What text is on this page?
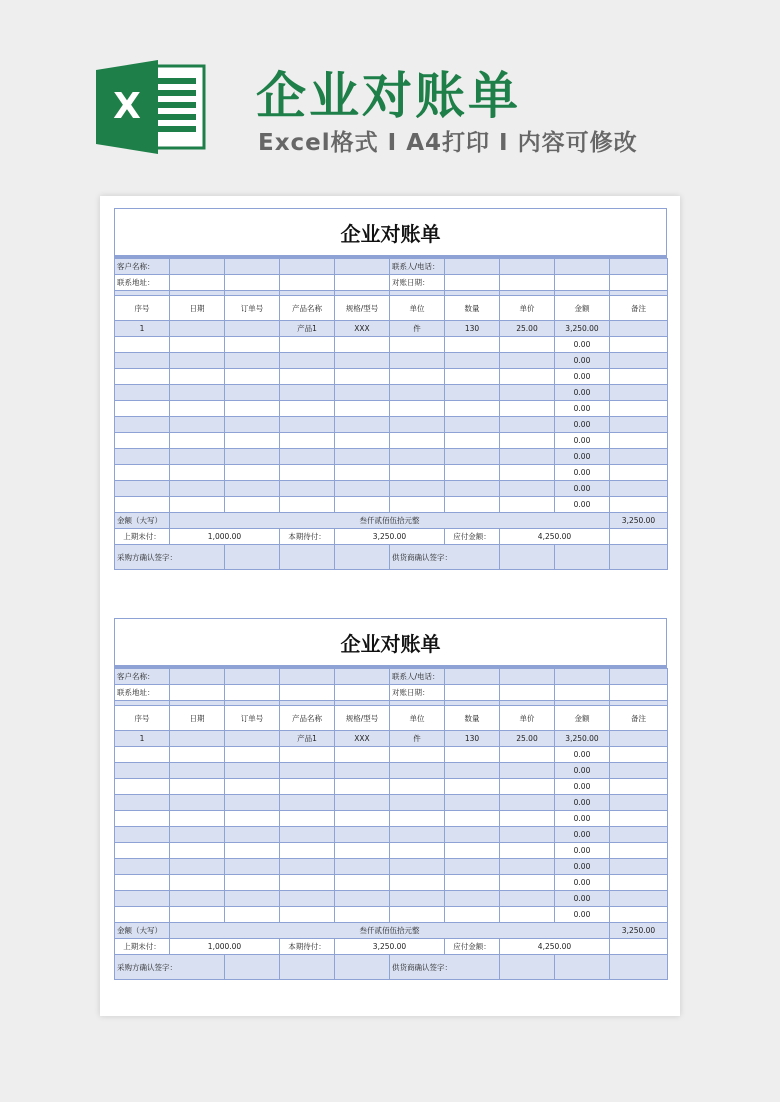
X 企业对账单
Excel格式 I A4打印 I 内容可修改
企业对账单
客户名称：					联系人/电话：				
联系地址：					对账日期：				

序号	日期	订单号	产品名称	规格/型号	单位	数量	单价	金额	备注
1			产品1	XXX	件	130	25.00	3,250.00	
								0.00	
								0.00	
								0.00	
								0.00	
								0.00	
								0.00	
								0.00	
								0.00	
								0.00	
								0.00	
								0.00	
金额（大写）	叁仟贰佰伍拾元整								3,250.00
上期未付：	1,000.00		本期待付：	3,250.00		应付金额：	4,250.00		
采购方确认签字：					供货商确认签字：				
企业对账单
客户名称：					联系人/电话：				
联系地址：					对账日期：				

序号	日期	订单号	产品名称	规格/型号	单位	数量	单价	金额	备注
1			产品1	XXX	件	130	25.00	3,250.00	
								0.00	
								0.00	
								0.00	
								0.00	
								0.00	
								0.00	
								0.00	
								0.00	
								0.00	
								0.00	
								0.00	
金额（大写）	叁仟贰佰伍拾元整								3,250.00
上期未付：	1,000.00		本期待付：	3,250.00		应付金额：	4,250.00		
采购方确认签字：					供货商确认签字：				
